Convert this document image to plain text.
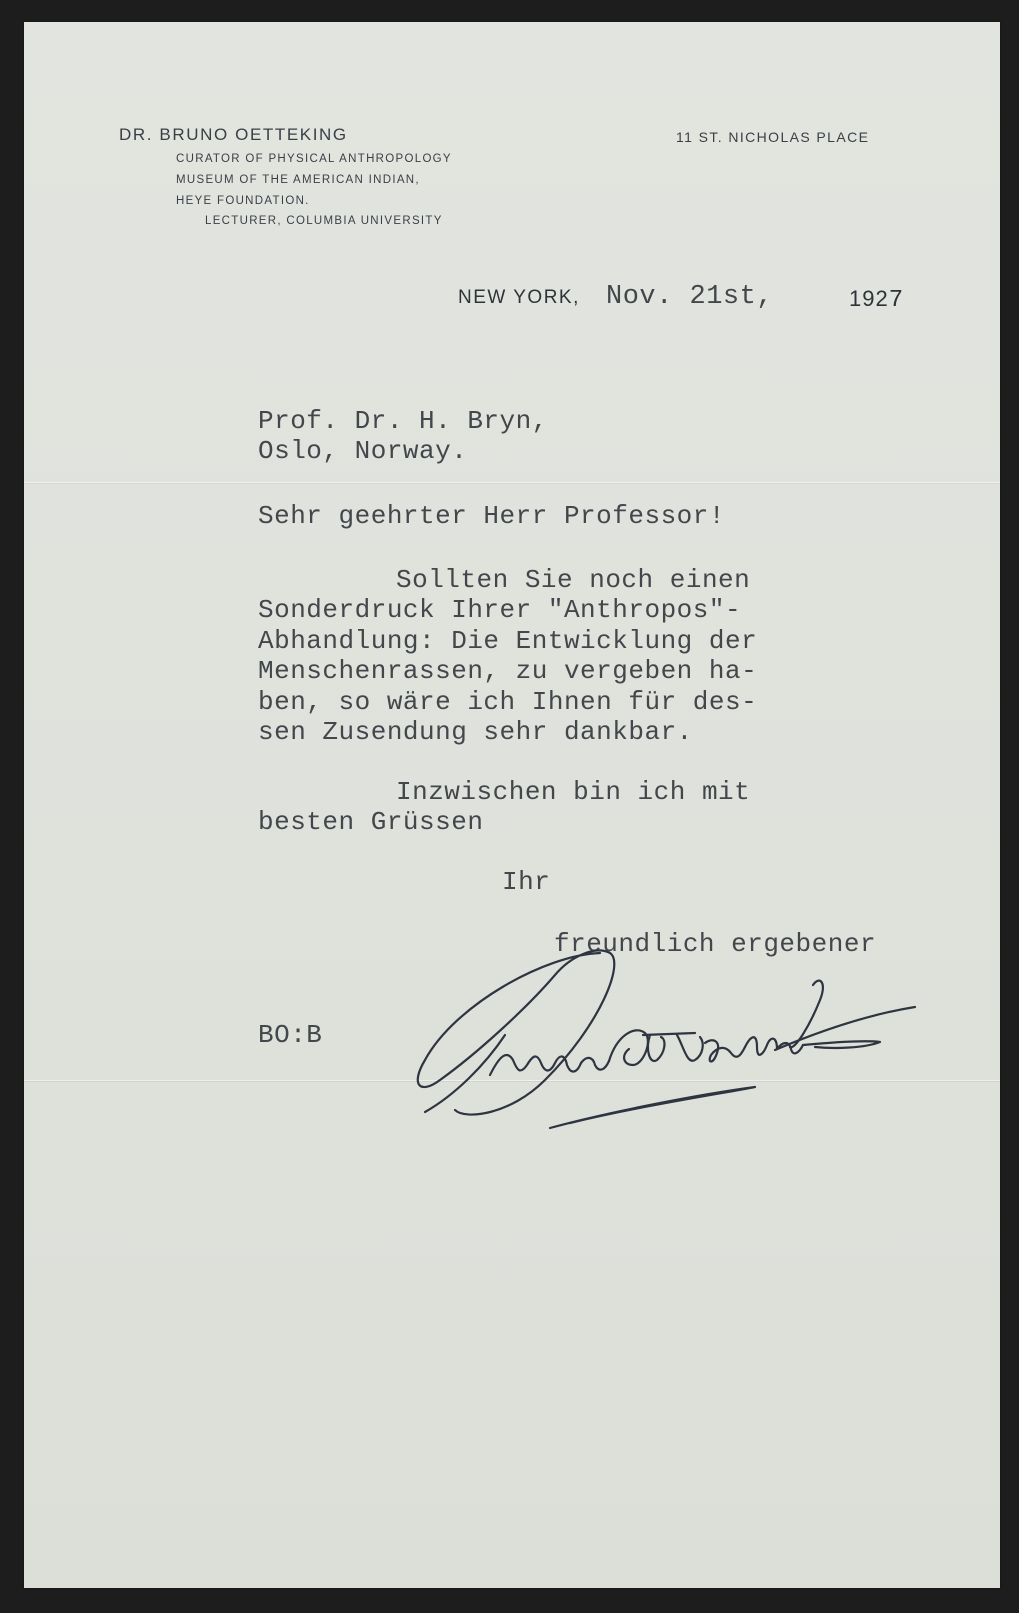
DR. BRUNO OETTEKING
CURATOR OF PHYSICAL ANTHROPOLOGY
MUSEUM OF THE AMERICAN INDIAN,
HEYE FOUNDATION.
LECTURER, COLUMBIA UNIVERSITY
11 ST. NICHOLAS PLACE
NEW YORK, Nov. 21st,	1927
Prof. Dr. H. Bryn,
Oslo, Norway.
Sehr geehrter Herr Professor!
Sollten Sie noch einen
Sonderdruck Ihrer "Anthropos"-
Abhandlung: Die Entwicklung der
Menschenrassen, zu vergeben ha-
ben, so wäre ich Ihnen für des-
sen Zusendung sehr dankbar.
Inzwischen bin ich mit
besten Grüssen
Ihr
freundlich ergebener
BO:B
